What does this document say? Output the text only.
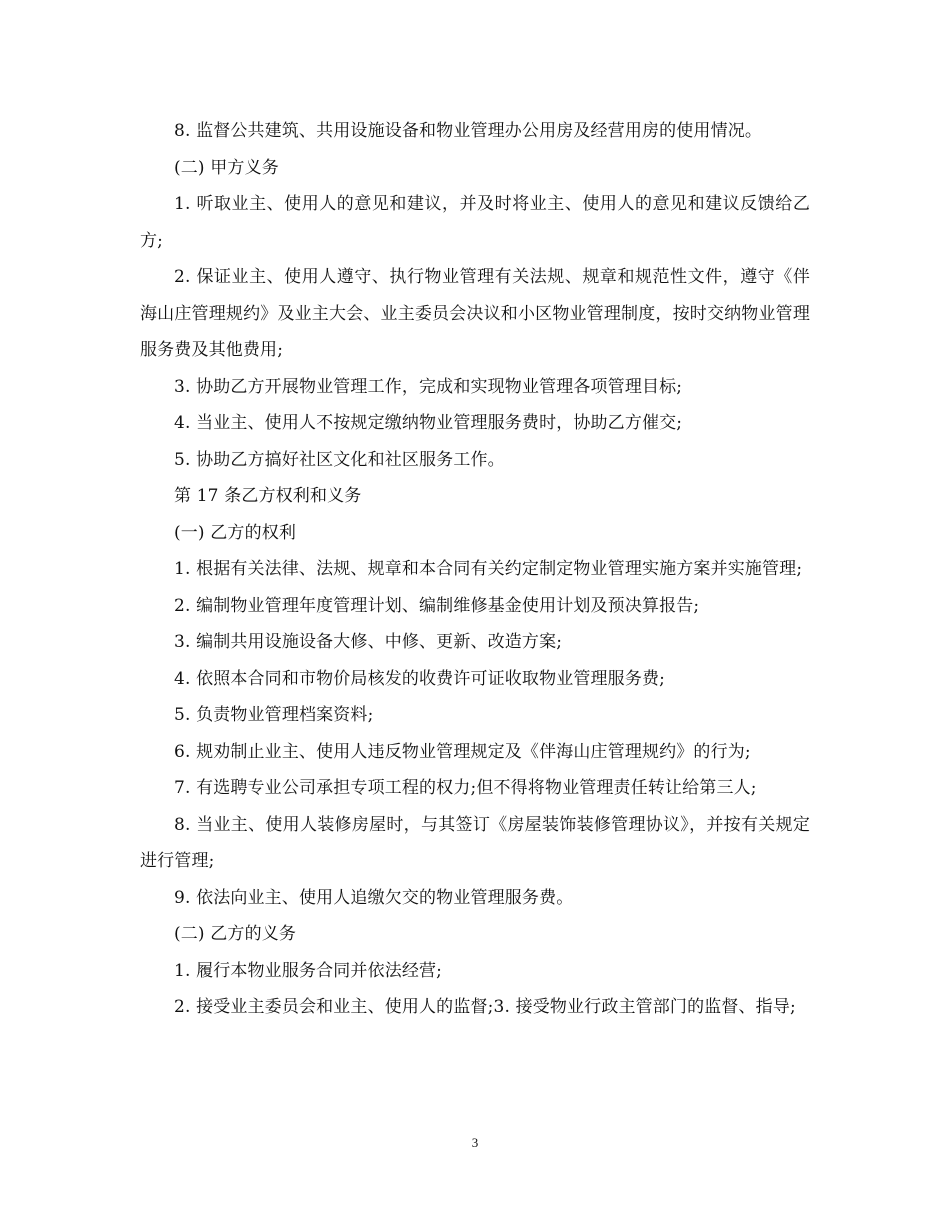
8. 监督公共建筑、共用设施设备和物业管理办公用房及经营用房的使用情况。

(二) 甲方义务

1. 听取业主、使用人的意见和建议，并及时将业主、使用人的意见和建议反馈给乙方;

2. 保证业主、使用人遵守、执行物业管理有关法规、规章和规范性文件，遵守《伴海山庄管理规约》及业主大会、业主委员会决议和小区物业管理制度，按时交纳物业管理服务费及其他费用;

3. 协助乙方开展物业管理工作，完成和实现物业管理各项管理目标;

4. 当业主、使用人不按规定缴纳物业管理服务费时，协助乙方催交;

5. 协助乙方搞好社区文化和社区服务工作。

第 17 条乙方权利和义务

(一) 乙方的权利

1. 根据有关法律、法规、规章和本合同有关约定制定物业管理实施方案并实施管理;

2. 编制物业管理年度管理计划、编制维修基金使用计划及预决算报告;

3. 编制共用设施设备大修、中修、更新、改造方案;

4. 依照本合同和市物价局核发的收费许可证收取物业管理服务费;

5. 负责物业管理档案资料;

6. 规劝制止业主、使用人违反物业管理规定及《伴海山庄管理规约》的行为;

7. 有选聘专业公司承担专项工程的权力;但不得将物业管理责任转让给第三人;

8. 当业主、使用人装修房屋时，与其签订《房屋装饰装修管理协议》，并按有关规定进行管理;

9. 依法向业主、使用人追缴欠交的物业管理服务费。

(二) 乙方的义务

1. 履行本物业服务合同并依法经营;

2. 接受业主委员会和业主、使用人的监督;3. 接受物业行政主管部门的监督、指导;

3
